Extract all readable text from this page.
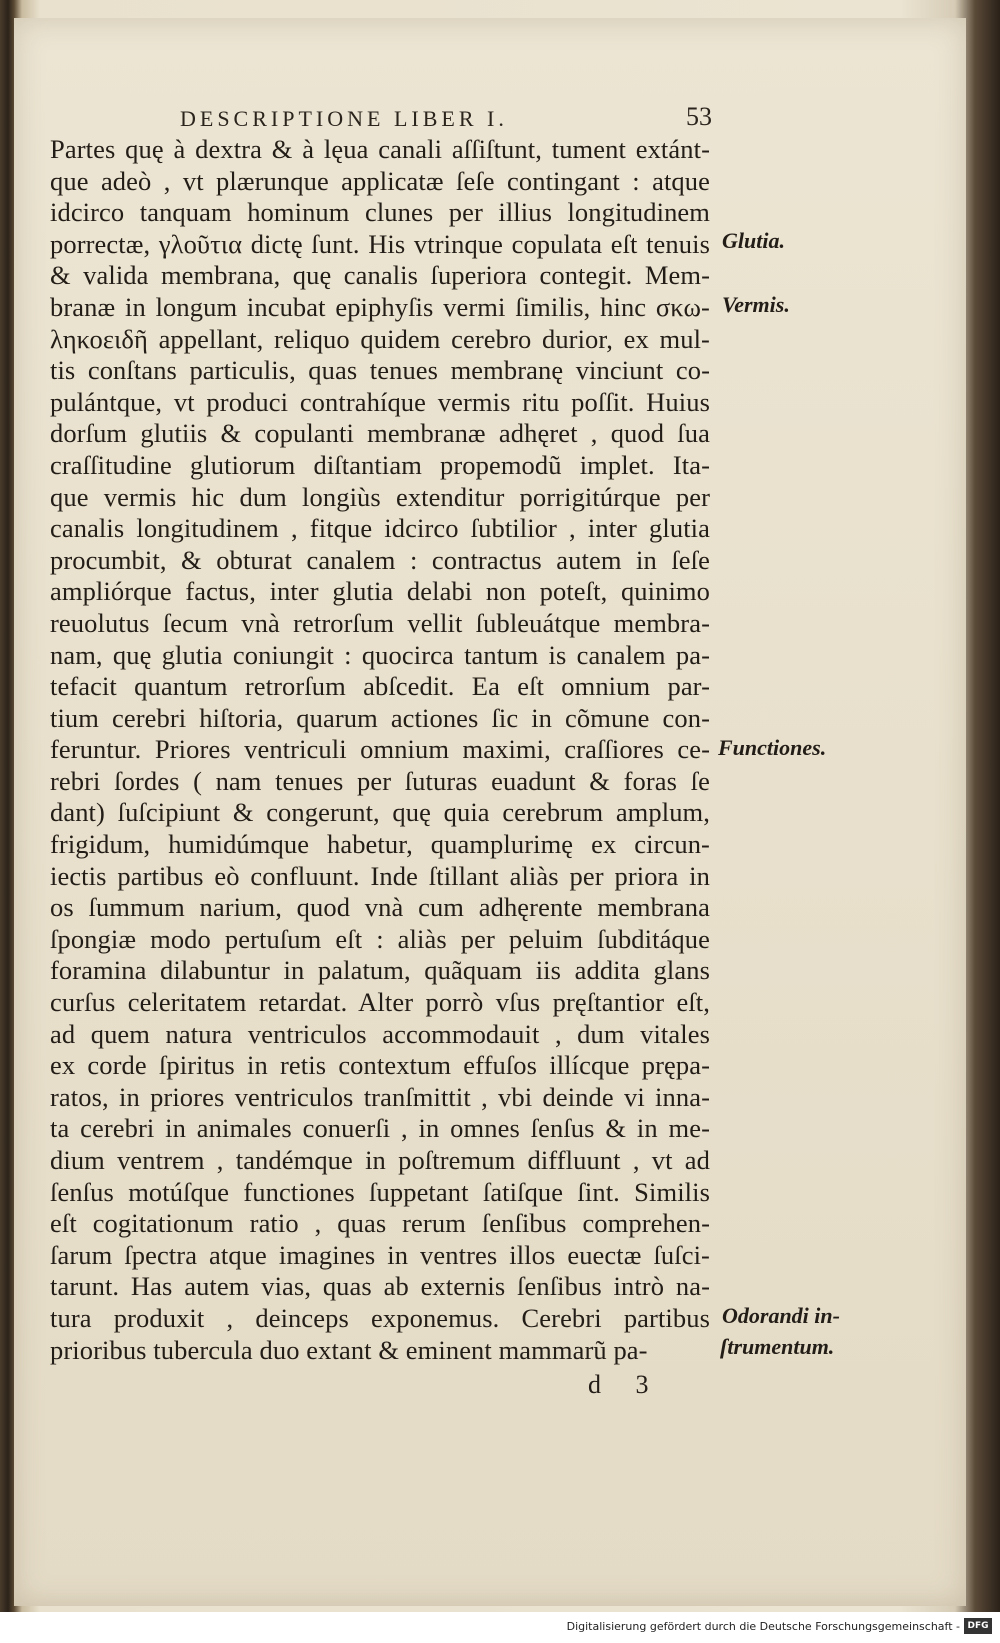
DESCRIPTIONE LIBER I.	53
Partes quę à dextra & à lęua canali aſſiſtunt, tument extánt-
que adeò , vt plærunque applicatæ ſeſe contingant : atque
idcirco tanquam hominum clunes per illius longitudinem
porrectæ, γλοῦτια dictę ſunt. His vtrinque copulata eſt tenuis
& valida membrana, quę canalis ſuperiora contegit. Mem-
branæ in longum incubat epiphyſis vermi ſimilis, hinc σκω-
ληκοειδῆ appellant, reliquo quidem cerebro durior, ex mul-
tis conſtans particulis, quas tenues membranę vinciunt co-
pulántque, vt produci contrahíque vermis ritu poſſit. Huius
dorſum glutiis & copulanti membranæ adhęret , quod ſua
craſſitudine glutiorum diſtantiam propemodũ implet. Ita-
que vermis hic dum longiùs extenditur porrigitúrque per
canalis longitudinem , fitque idcirco ſubtilior , inter glutia
procumbit, & obturat canalem : contractus autem in ſeſe
ampliórque factus, inter glutia delabi non poteſt, quinimo
reuolutus ſecum vnà retrorſum vellit ſubleuátque membra-
nam, quę glutia coniungit : quocirca tantum is canalem pa-
tefacit quantum retrorſum abſcedit. Ea eſt omnium par-
tium cerebri hiſtoria, quarum actiones ſic in cõmune con-
feruntur. Priores ventriculi omnium maximi, craſſiores ce-
rebri ſordes ( nam tenues per ſuturas euadunt & foras ſe
dant) ſuſcipiunt & congerunt, quę quia cerebrum amplum,
frigidum, humidúmque habetur, quamplurimę ex circun-
iectis partibus eò confluunt. Inde ſtillant aliàs per priora in
os ſummum narium, quod vnà cum adhęrente membrana
ſpongiæ modo pertuſum eſt : aliàs per peluim ſubditáque
foramina dilabuntur in palatum, quãquam iis addita glans
curſus celeritatem retardat. Alter porrò vſus pręſtantior eſt,
ad quem natura ventriculos accommodauit , dum vitales
ex corde ſpiritus in retis contextum effuſos illícque prępa-
ratos, in priores ventriculos tranſmittit , vbi deinde vi inna-
ta cerebri in animales conuerſi , in omnes ſenſus & in me-
dium ventrem , tandémque in poſtremum diffluunt , vt ad
ſenſus motúſque functiones ſuppetant ſatiſque ſint. Similis
eſt cogitationum ratio , quas rerum ſenſibus comprehen-
ſarum ſpectra atque imagines in ventres illos euectæ ſuſci-
tarunt. Has autem vias, quas ab externis ſenſibus intrò na-
tura produxit , deinceps exponemus. Cerebri partibus
prioribus tubercula duo extant & eminent mammarũ pa-
Glutia.
Vermis.
Functiones.
Odorandi in-
ſtrumentum.
d 3
Digitalisierung gefördert durch die Deutsche Forschungsgemeinschaft - DFG
